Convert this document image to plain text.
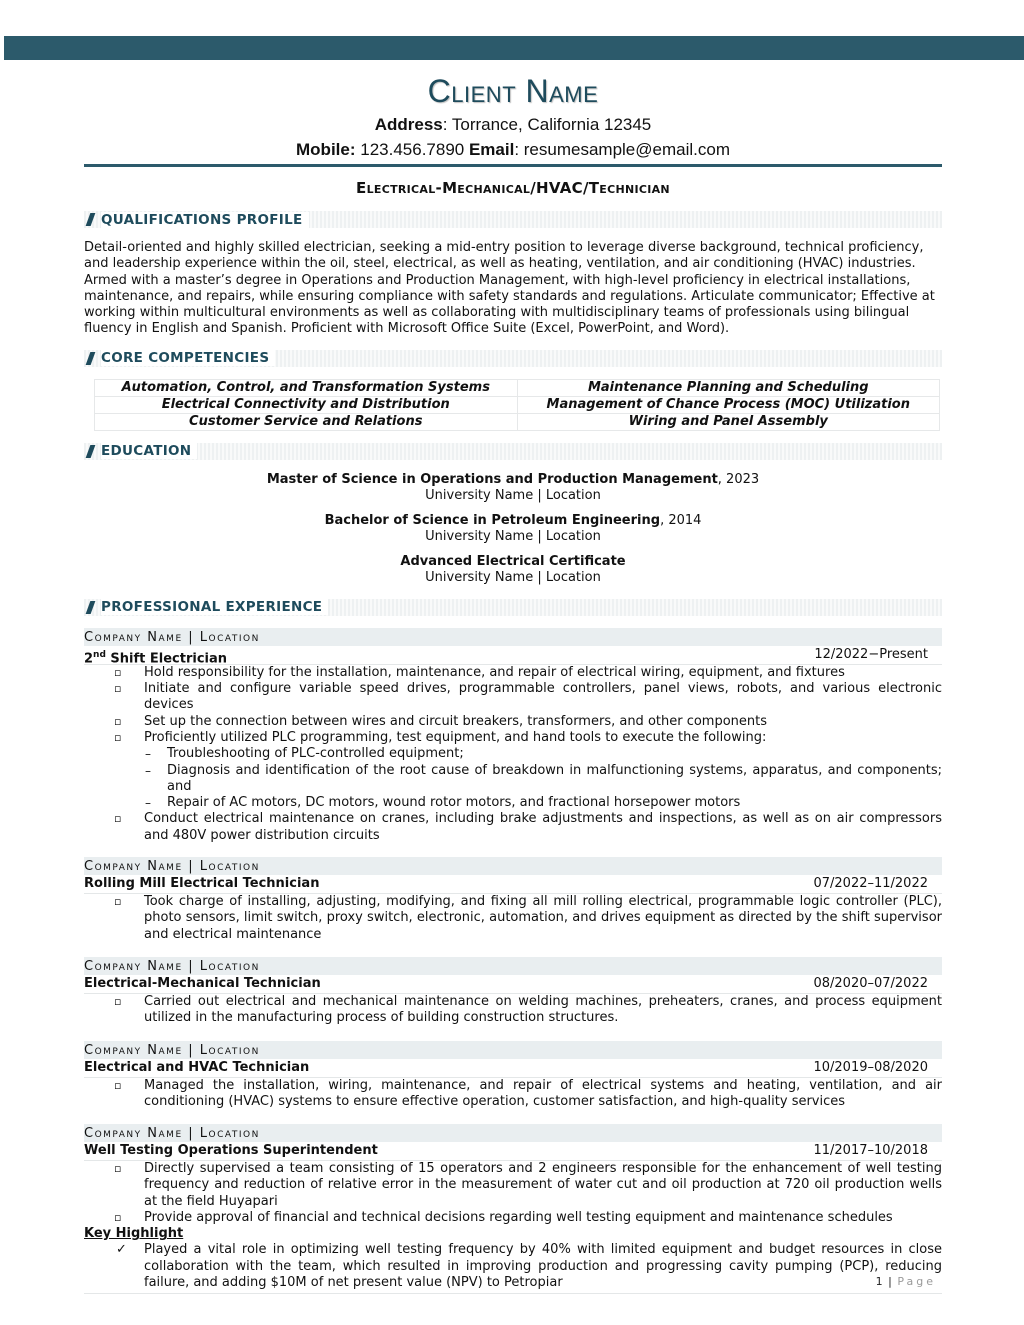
Client Name
Address: Torrance, California 12345
Mobile: 123.456.7890 Email: resumesample@email.com
Electrical-Mechanical/HVAC/Technician
QUALIFICATIONS PROFILE
Detail-oriented and highly skilled electrician, seeking a mid-entry position to leverage diverse background, technical proficiency, and leadership experience within the oil, steel, electrical, as well as heating, ventilation, and air conditioning (HVAC) industries. Armed with a master’s degree in Operations and Production Management, with high-level proficiency in electrical installations, maintenance, and repairs, while ensuring compliance with safety standards and regulations. Articulate communicator; Effective at working within multicultural environments as well as collaborating with multidisciplinary teams of professionals using bilingual fluency in English and Spanish. Proficient with Microsoft Office Suite (Excel, PowerPoint, and Word).
CORE COMPETENCIES
Automation, Control, and Transformation Systems	Maintenance Planning and Scheduling
Electrical Connectivity and Distribution	Management of Chance Process (MOC) Utilization
Customer Service and Relations	Wiring and Panel Assembly
EDUCATION
Master of Science in Operations and Production Management, 2023
University Name | Location
Bachelor of Science in Petroleum Engineering, 2014
University Name | Location
Advanced Electrical Certificate
University Name | Location
PROFESSIONAL EXPERIENCE
Company Name | Location
2nd Shift Electrician	12/2022−Present
▫ Hold responsibility for the installation, maintenance, and repair of electrical wiring, equipment, and fixtures
▫ Initiate and configure variable speed drives, programmable controllers, panel views, robots, and various electronic devices
▫ Set up the connection between wires and circuit breakers, transformers, and other components
▫ Proficiently utilized PLC programming, test equipment, and hand tools to execute the following:
– Troubleshooting of PLC-controlled equipment;
– Diagnosis and identification of the root cause of breakdown in malfunctioning systems, apparatus, and components; and
– Repair of AC motors, DC motors, wound rotor motors, and fractional horsepower motors
▫ Conduct electrical maintenance on cranes, including brake adjustments and inspections, as well as on air compressors and 480V power distribution circuits
Company Name | Location
Rolling Mill Electrical Technician	07/2022–11/2022
▫ Took charge of installing, adjusting, modifying, and fixing all mill rolling electrical, programmable logic controller (PLC), photo sensors, limit switch, proxy switch, electronic, automation, and drives equipment as directed by the shift supervisor and electrical maintenance
Company Name | Location
Electrical-Mechanical Technician	08/2020–07/2022
▫ Carried out electrical and mechanical maintenance on welding machines, preheaters, cranes, and process equipment utilized in the manufacturing process of building construction structures.
Company Name | Location
Electrical and HVAC Technician	10/2019–08/2020
▫ Managed the installation, wiring, maintenance, and repair of electrical systems and heating, ventilation, and air conditioning (HVAC) systems to ensure effective operation, customer satisfaction, and high-quality services
Company Name | Location
Well Testing Operations Superintendent	11/2017–10/2018
▫ Directly supervised a team consisting of 15 operators and 2 engineers responsible for the enhancement of well testing frequency and reduction of relative error in the measurement of water cut and oil production at 720 oil production wells at the field Huyapari
▫ Provide approval of financial and technical decisions regarding well testing equipment and maintenance schedules
Key Highlight
✓ Played a vital role in optimizing well testing frequency by 40% with limited equipment and budget resources in close collaboration with the team, which resulted in improving production and progressing cavity pumping (PCP), reducing failure, and adding $10M of net present value (NPV) to Petropiar	1 | Page
